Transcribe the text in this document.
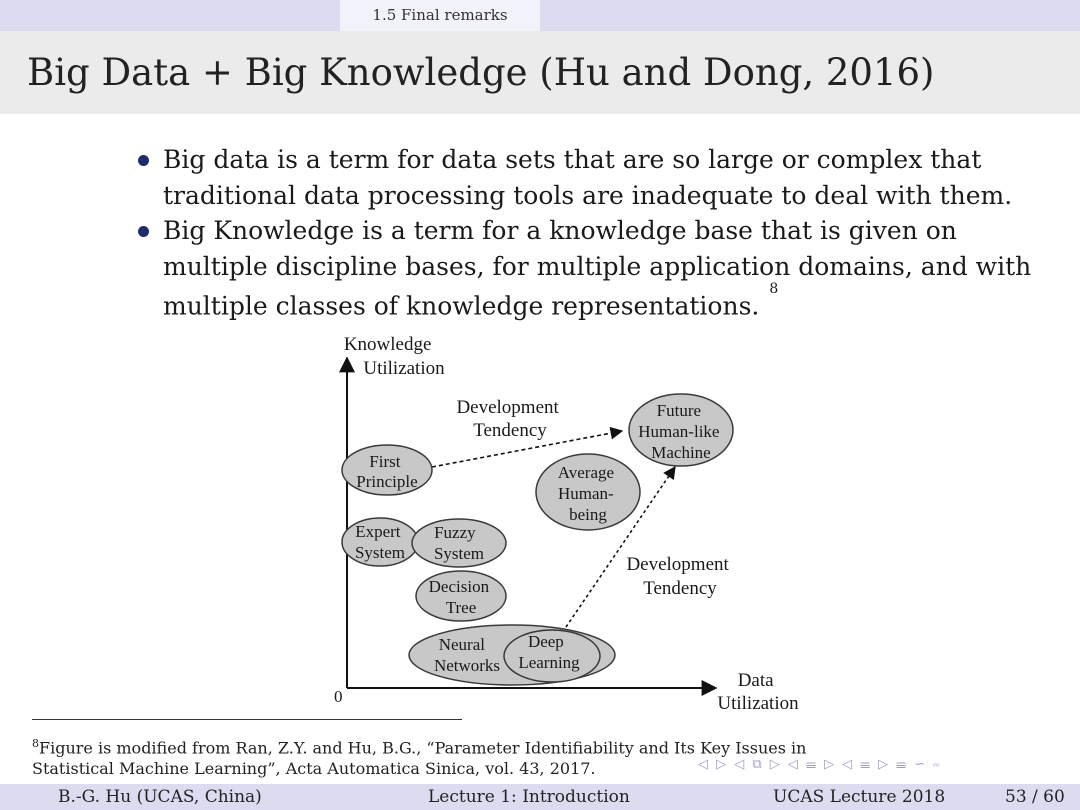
1.5 Final remarks
Big Data + Big Knowledge (Hu and Dong, 2016)
Big data is a term for data sets that are so large or complex that traditional data processing tools are inadequate to deal with them.
Big Knowledge is a term for a knowledge base that is given on multiple discipline bases, for multiple application domains, and with multiple classes of knowledge representations.$^8$
Knowledge Utilization
Data Utilization
0
Development Tendency
Development Tendency
Future Human-like Machine
First Principle	Average Human- being
Expert System
Fuzzy System
Decision Tree
Neural Networks
Deep Learning
$^8$Figure is modified from Ran, Z.Y. and Hu, B.G., “Parameter Identifiability and Its Key Issues in
Statistical Machine Learning”, Acta Automatica Sinica, vol. 43, 2017.	◁ ▷ ◁ ⧉ ▷ ◁ ☰ ▷ ◁ ☰ ▷ ☰ ∽ ∾
B.-G. Hu (UCAS, China)	Lecture 1: Introduction	UCAS Lecture 2018	53 / 60
